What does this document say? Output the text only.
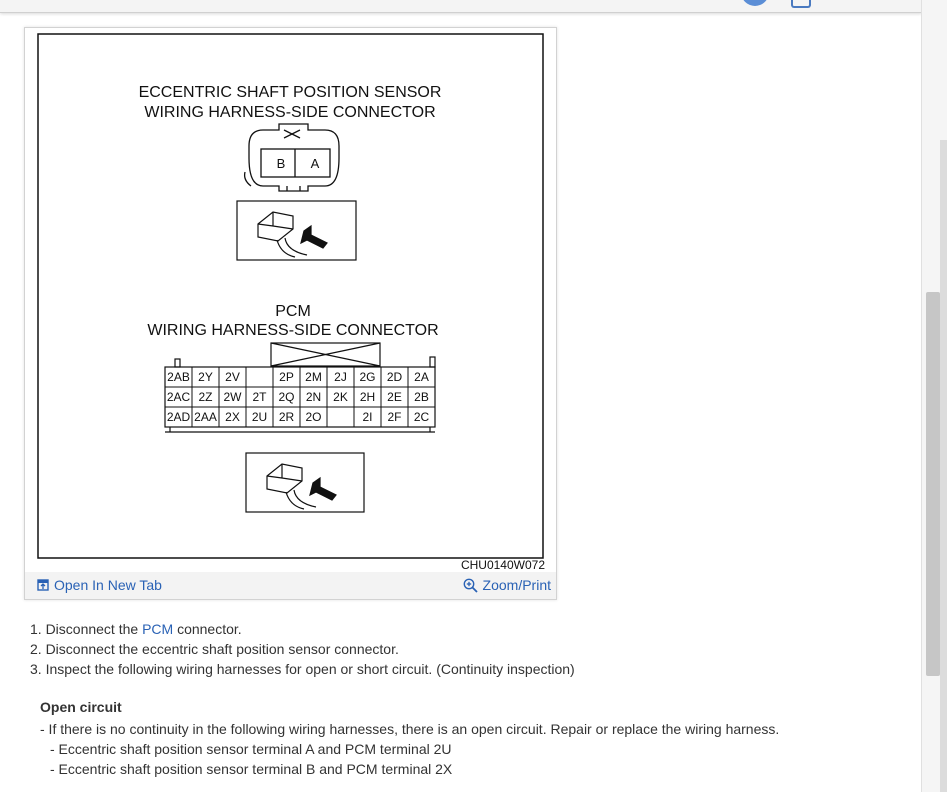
ECCENTRIC SHAFT POSITION SENSOR
WIRING HARNESS-SIDE CONNECTOR
B A
PCM
WIRING HARNESS-SIDE CONNECTOR
2AB 2Y 2V	2P 2M 2J 2G 2D 2A
2AC 2Z 2W 2T 2Q 2N 2K 2H 2E 2B
2AD 2AA 2X 2U 2R 2O	2I 2F 2C
CHU0140W072
Open In New Tab	Zoom/Print
1. Disconnect the PCM connector.
2. Disconnect the eccentric shaft position sensor connector.
3. Inspect the following wiring harnesses for open or short circuit. (Continuity inspection)
Open circuit
- If there is no continuity in the following wiring harnesses, there is an open circuit. Repair or replace the wiring harness.
- Eccentric shaft position sensor terminal A and PCM terminal 2U
- Eccentric shaft position sensor terminal B and PCM terminal 2X
